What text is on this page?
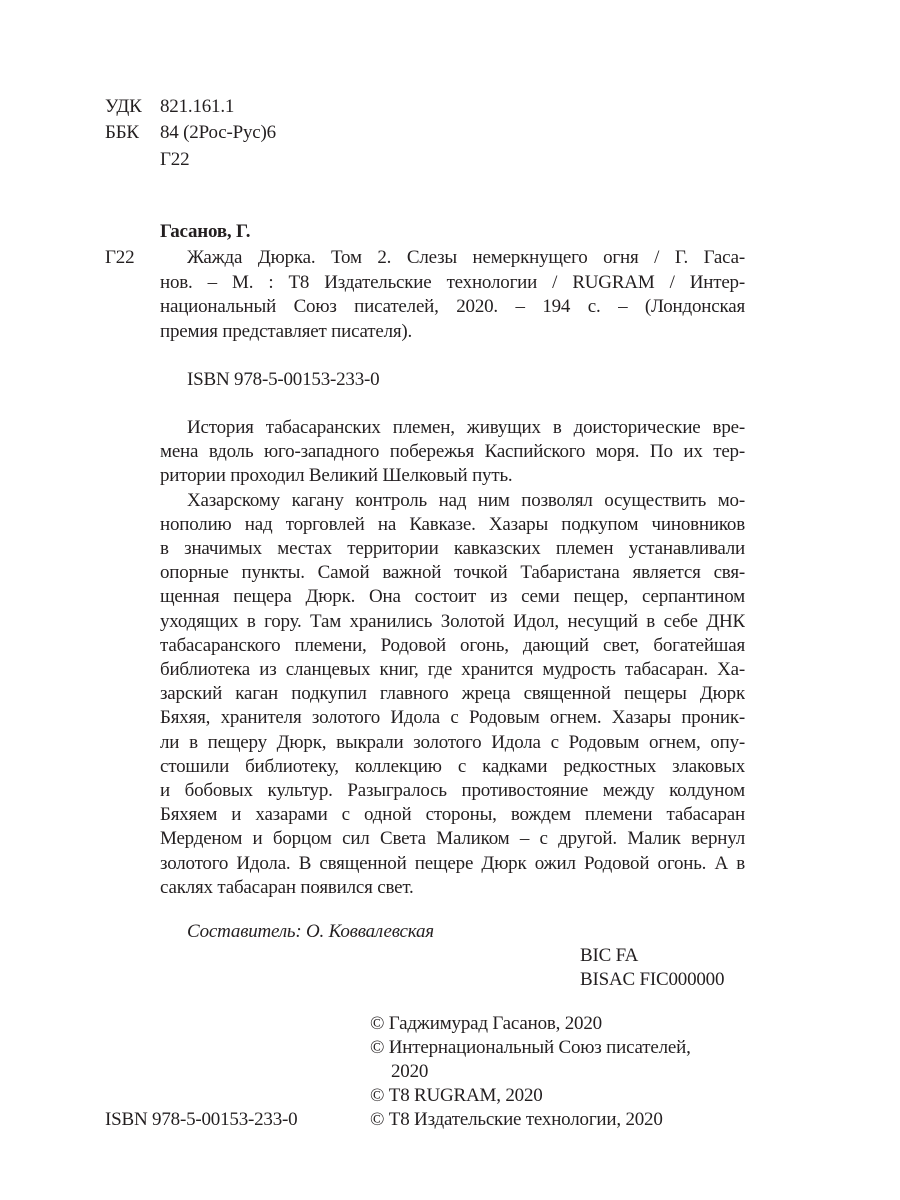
УДК 821.161.1
ББК 84 (2Рос-Рус)6
Г22
Гасанов, Г.
Г22	Жажда Дюрка. Том 2. Слезы немеркнущего огня / Г. Гаса-
нов. – М. : Т8 Издательские технологии / RUGRAM / Интер-
национальный Союз писателей, 2020. – 194 с. – (Лондонская
премия представляет писателя).
ISBN 978-5-00153-233-0
История табасаранских племен, живущих в доисторические вре-
мена вдоль юго-западного побережья Каспийского моря. По их тер-
ритории проходил Великий Шелковый путь.
Хазарскому кагану контроль над ним позволял осуществить мо-
нополию над торговлей на Кавказе. Хазары подкупом чиновников
в значимых местах территории кавказских племен устанавливали
опорные пункты. Самой важной точкой Табаристана является свя-
щенная пещера Дюрк. Она состоит из семи пещер, серпантином
уходящих в гору. Там хранились Золотой Идол, несущий в себе ДНК
табасаранского племени, Родовой огонь, дающий свет, богатейшая
библиотека из сланцевых книг, где хранится мудрость табасаран. Ха-
зарский каган подкупил главного жреца священной пещеры Дюрк
Бяхяя, хранителя золотого Идола с Родовым огнем. Хазары проник-
ли в пещеру Дюрк, выкрали золотого Идола с Родовым огнем, опу-
стошили библиотеку, коллекцию с кадками редкостных злаковых
и бобовых культур. Разыгралось противостояние между колдуном
Бяхяем и хазарами с одной стороны, вождем племени табасаран
Мерденом и борцом сил Света Маликом – с другой. Малик вернул
золотого Идола. В священной пещере Дюрк ожил Родовой огонь. А в
саклях табасаран появился свет.
Составитель: О. Коввалевская
BIC FA
BISAC FIC000000
© Гаджимурад Гасанов, 2020
© Интернациональный Союз писателей,
2020
© Т8 RUGRAM, 2020
© Т8 Издательские технологии, 2020
ISBN 978-5-00153-233-0
